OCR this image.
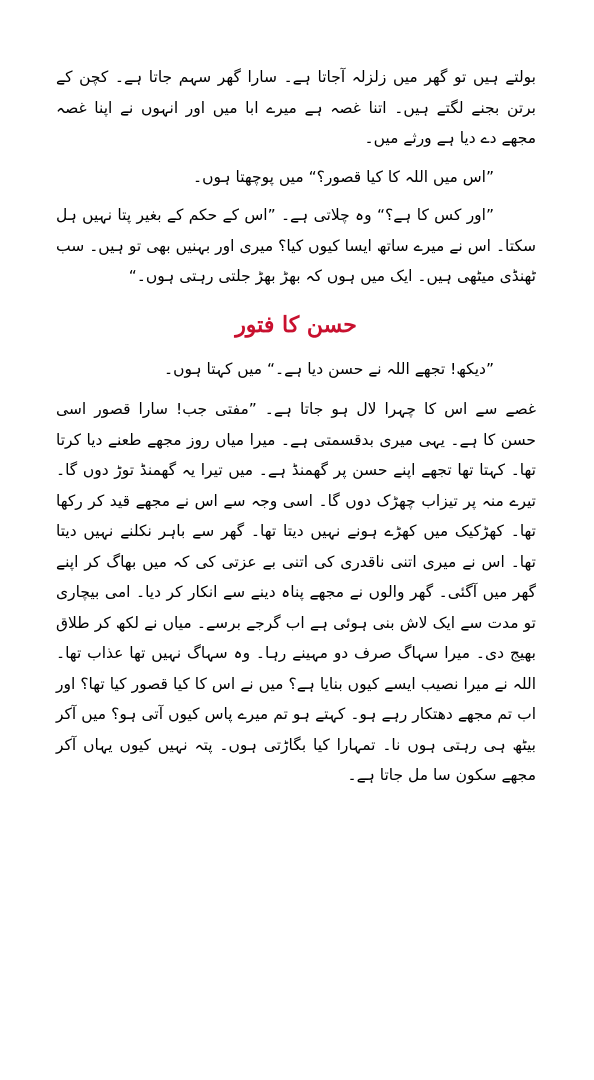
بولتے ہیں تو گھر میں زلزلہ آجاتا ہے۔ سارا گھر سہم جاتا ہے۔ کچن کے برتن بجنے لگتے ہیں۔ اتنا غصہ ہے میرے ابا میں اور انہوں نے اپنا غصہ مجھے دے دیا ہے ورثے میں۔

”اس میں اللہ کا کیا قصور؟“ میں پوچھتا ہوں۔

”اور کس کا ہے؟“ وہ چلاتی ہے۔ ”اس کے حکم کے بغیر پتا نہیں ہل سکتا۔ اس نے میرے ساتھ ایسا کیوں کیا؟ میری اور بہنیں بھی تو ہیں۔ سب ٹھنڈی میٹھی ہیں۔ ایک میں ہوں کہ بھڑ بھڑ جلتی رہتی ہوں۔“

حسن کا فتور

”دیکھ! تجھے اللہ نے حسن دیا ہے۔“ میں کہتا ہوں۔

غصے سے اس کا چہرا لال ہو جاتا ہے۔ ”مفتی جب! سارا قصور اسی حسن کا ہے۔ یہی میری بدقسمتی ہے۔ میرا میاں روز مجھے طعنے دیا کرتا تھا۔ کہتا تھا تجھے اپنے حسن پر گھمنڈ ہے۔ میں تیرا یہ گھمنڈ توڑ دوں گا۔ تیرے منہ پر تیزاب چھڑک دوں گا۔ اسی وجہ سے اس نے مجھے قید کر رکھا تھا۔ کھڑکیک میں کھڑے ہونے نہیں دیتا تھا۔ گھر سے باہر نکلنے نہیں دیتا تھا۔ اس نے میری اتنی ناقدری کی اتنی بے عزتی کی کہ میں بھاگ کر اپنے گھر میں آگئی۔ گھر والوں نے مجھے پناہ دینے سے انکار کر دیا۔ امی بیچاری تو مدت سے ایک لاش بنی ہوئی ہے اب گرجے برسے۔ میاں نے لکھ کر طلاق بھیج دی۔ میرا سہاگ صرف دو مہینے رہا۔ وہ سہاگ نہیں تھا عذاب تھا۔ اللہ نے میرا نصیب ایسے کیوں بنایا ہے؟ میں نے اس کا کیا قصور کیا تھا؟ اور اب تم مجھے دھتکار رہے ہو۔ کہتے ہو تم میرے پاس کیوں آتی ہو؟ میں آکر بیٹھ ہی رہتی ہوں نا۔ تمہارا کیا بگاڑتی ہوں۔ پتہ نہیں کیوں یہاں آکر مجھے سکون سا مل جاتا ہے۔
